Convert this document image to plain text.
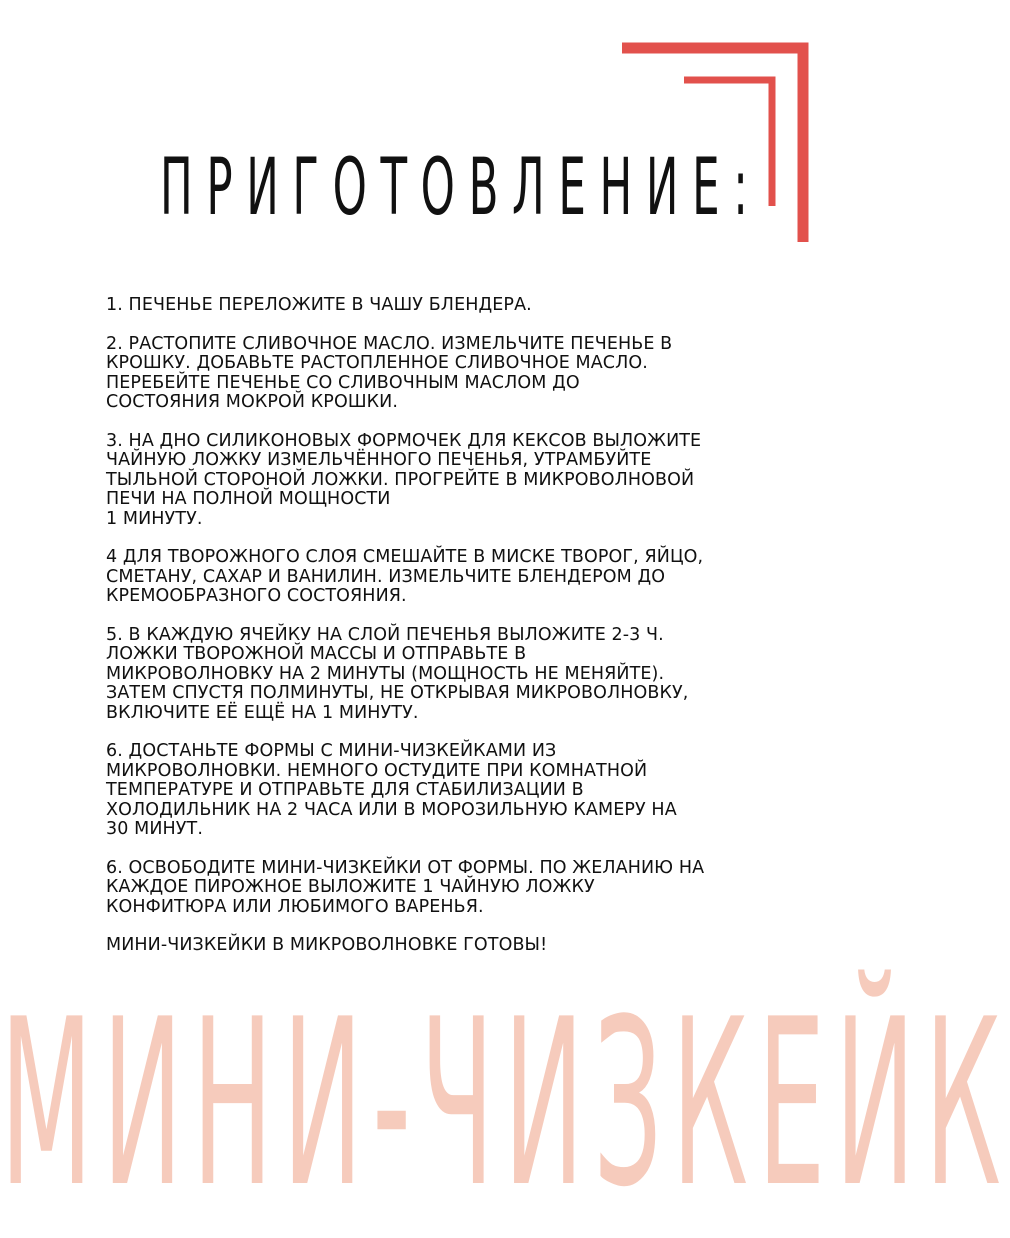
ПРИГОТОВЛЕНИЕ:

1. ПЕЧЕНЬЕ ПЕРЕЛОЖИТЕ В ЧАШУ БЛЕНДЕРА.

2. РАСТОПИТЕ СЛИВОЧНОЕ МАСЛО. ИЗМЕЛЬЧИТЕ ПЕЧЕНЬЕ В
КРОШКУ. ДОБАВЬТЕ РАСТОПЛЕННОЕ СЛИВОЧНОЕ МАСЛО.
ПЕРЕБЕЙТЕ ПЕЧЕНЬЕ СО СЛИВОЧНЫМ МАСЛОМ ДО
СОСТОЯНИЯ МОКРОЙ КРОШКИ.

3. НА ДНО СИЛИКОНОВЫХ ФОРМОЧЕК ДЛЯ КЕКСОВ ВЫЛОЖИТЕ
ЧАЙНУЮ ЛОЖКУ ИЗМЕЛЬЧЁННОГО ПЕЧЕНЬЯ, УТРАМБУЙТЕ
ТЫЛЬНОЙ СТОРОНОЙ ЛОЖКИ. ПРОГРЕЙТЕ В МИКРОВОЛНОВОЙ
ПЕЧИ НА ПОЛНОЙ МОЩНОСТИ
1 МИНУТУ.

4 ДЛЯ ТВОРОЖНОГО СЛОЯ СМЕШАЙТЕ В МИСКЕ ТВОРОГ, ЯЙЦО,
СМЕТАНУ, САХАР И ВАНИЛИН. ИЗМЕЛЬЧИТЕ БЛЕНДЕРОМ ДО
КРЕМООБРАЗНОГО СОСТОЯНИЯ.

5. В КАЖДУЮ ЯЧЕЙКУ НА СЛОЙ ПЕЧЕНЬЯ ВЫЛОЖИТЕ 2-3 Ч.
ЛОЖКИ ТВОРОЖНОЙ МАССЫ И ОТПРАВЬТЕ В
МИКРОВОЛНОВКУ НА 2 МИНУТЫ (МОЩНОСТЬ НЕ МЕНЯЙТЕ).
ЗАТЕМ СПУСТЯ ПОЛМИНУТЫ, НЕ ОТКРЫВАЯ МИКРОВОЛНОВКУ,
ВКЛЮЧИТЕ ЕЁ ЕЩЁ НА 1 МИНУТУ.

6. ДОСТАНЬТЕ ФОРМЫ С МИНИ-ЧИЗКЕЙКАМИ ИЗ
МИКРОВОЛНОВКИ. НЕМНОГО ОСТУДИТЕ ПРИ КОМНАТНОЙ
ТЕМПЕРАТУРЕ И ОТПРАВЬТЕ ДЛЯ СТАБИЛИЗАЦИИ В
ХОЛОДИЛЬНИК НА 2 ЧАСА ИЛИ В МОРОЗИЛЬНУЮ КАМЕРУ НА
30 МИНУТ.

6. ОСВОБОДИТЕ МИНИ-ЧИЗКЕЙКИ ОТ ФОРМЫ. ПО ЖЕЛАНИЮ НА
КАЖДОЕ ПИРОЖНОЕ ВЫЛОЖИТЕ 1 ЧАЙНУЮ ЛОЖКУ
КОНФИТЮРА ИЛИ ЛЮБИМОГО ВАРЕНЬЯ.

МИНИ-ЧИЗКЕЙКИ В МИКРОВОЛНОВКЕ ГОТОВЫ!

МИНИ-ЧИЗКЕЙК
